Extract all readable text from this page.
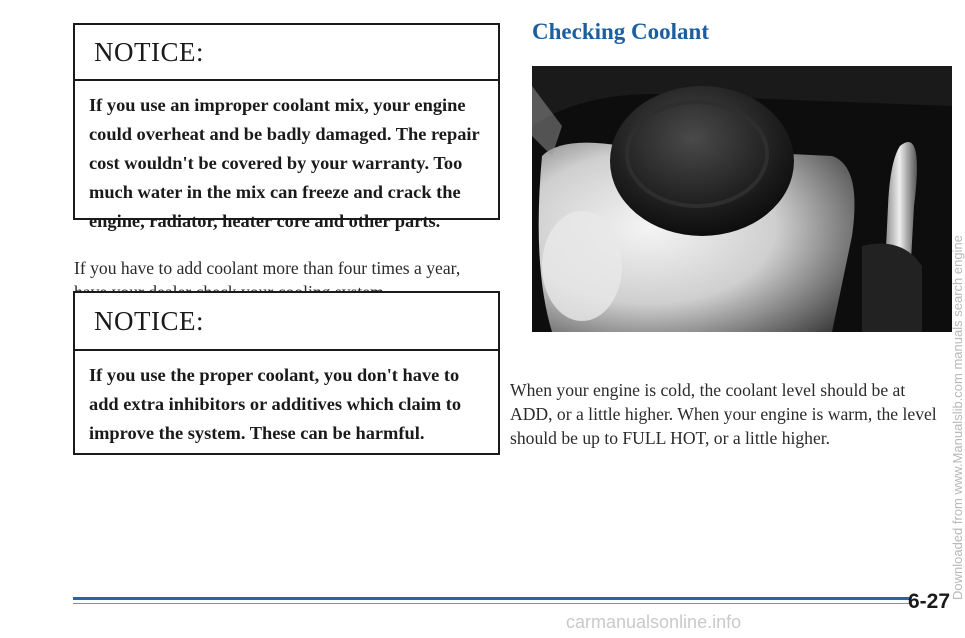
NOTICE:
If you use an improper coolant mix, your engine could overheat and be badly damaged. The repair cost wouldn't be covered by your warranty. Too much water in the mix can freeze and crack the engine, radiator, heater core and other parts.

If you have to add coolant more than four times a year,

NOTICE:
If you use the proper coolant, you don't have to add extra inhibitors or additives which claim to improve the system. These can be harmful.
Checking Coolant

When your engine is cold, the coolant level should be at ADD, or a little higher. When your engine is warm, the level should be up to FULL HOT, or a little higher.

6-27
carmanualsonline.info
Downloaded from www.Manualslib.com manuals search engine
